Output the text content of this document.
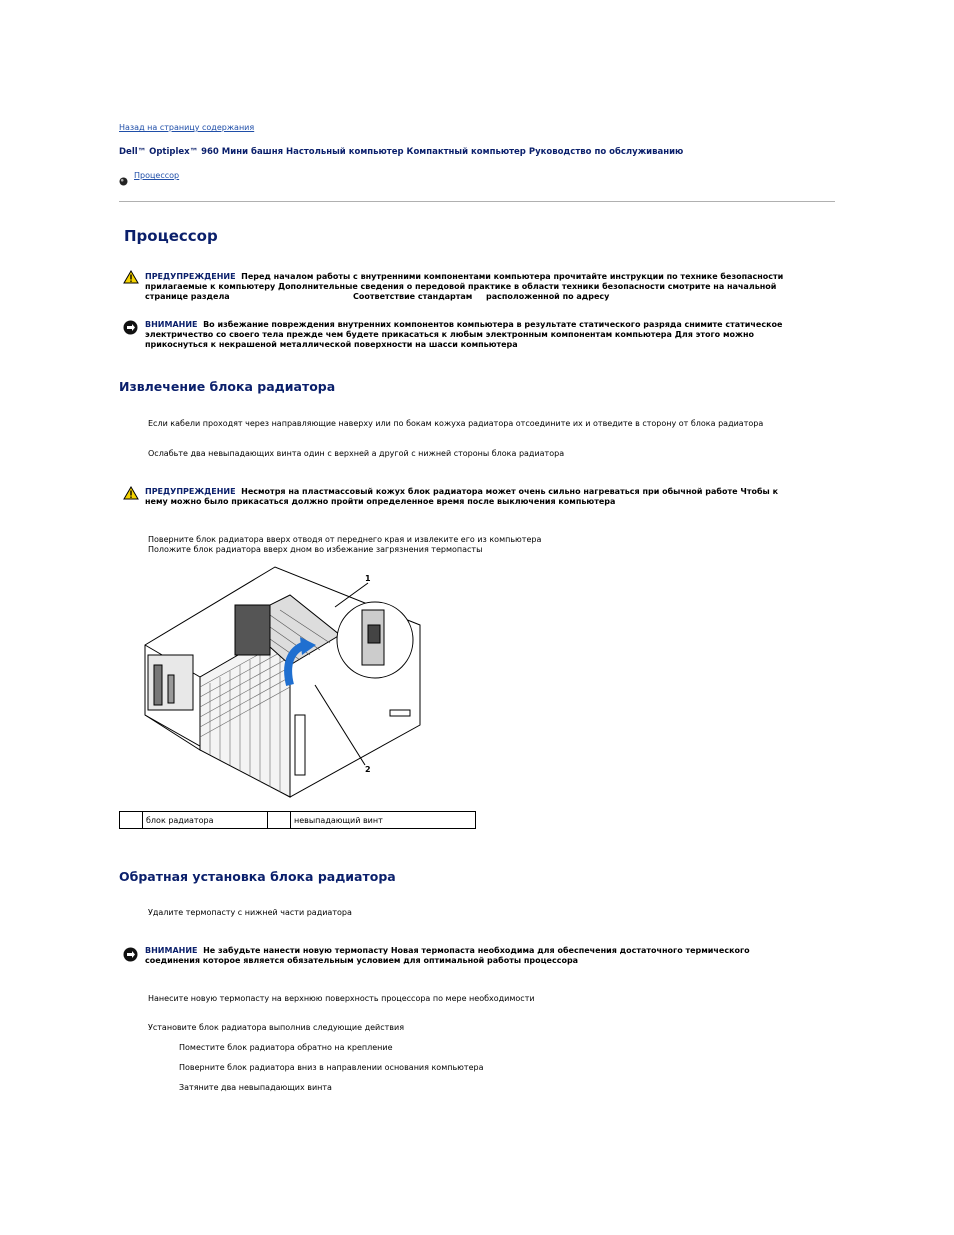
Назад на страницу содержания
Dell™ Optiplex™ 960 Мини башня Настольный компьютер Компактный компьютер Руководство по обслуживанию
Процессор
Процессор
ПРЕДУПРЕЖДЕНИЕ Перед началом работы с внутренними компонентами компьютера прочитайте инструкции по технике безопасности
прилагаемые к компьютеру Дополнительные сведения о передовой практике в области техники безопасности смотрите на начальной
странице раздела	Соответствие стандартам расположенной по адресу
ВНИМАНИЕ Во избежание повреждения внутренних компонентов компьютера в результате статического разряда снимите статическое
электричество со своего тела прежде чем будете прикасаться к любым электронным компонентам компьютера Для этого можно
прикоснуться к некрашеной металлической поверхности на шасси компьютера
Извлечение блока радиатора
Если кабели проходят через направляющие наверху или по бокам кожуха радиатора отсоедините их и отведите в сторону от блока радиатора
Ослабьте два невыпадающих винта один с верхней а другой с нижней стороны блока радиатора
ПРЕДУПРЕЖДЕНИЕ Несмотря на пластмассовый кожух блок радиатора может очень сильно нагреваться при обычной работе Чтобы к
нему можно было прикасаться должно пройти определенное время после выключения компьютера
Поверните блок радиатора вверх отводя от переднего края и извлеките его из компьютера
Положите блок радиатора вверх дном во избежание загрязнения термопасты
1
2
	блок радиатора		невыпадающий винт
Обратная установка блока радиатора
Удалите термопасту с нижней части радиатора
ВНИМАНИЕ Не забудьте нанести новую термопасту Новая термопаста необходима для обеспечения достаточного термического
соединения которое является обязательным условием для оптимальной работы процессора
Нанесите новую термопасту на верхнюю поверхность процессора по мере необходимости
Установите блок радиатора выполнив следующие действия
Поместите блок радиатора обратно на крепление
Поверните блок радиатора вниз в направлении основания компьютера
Затяните два невыпадающих винта
